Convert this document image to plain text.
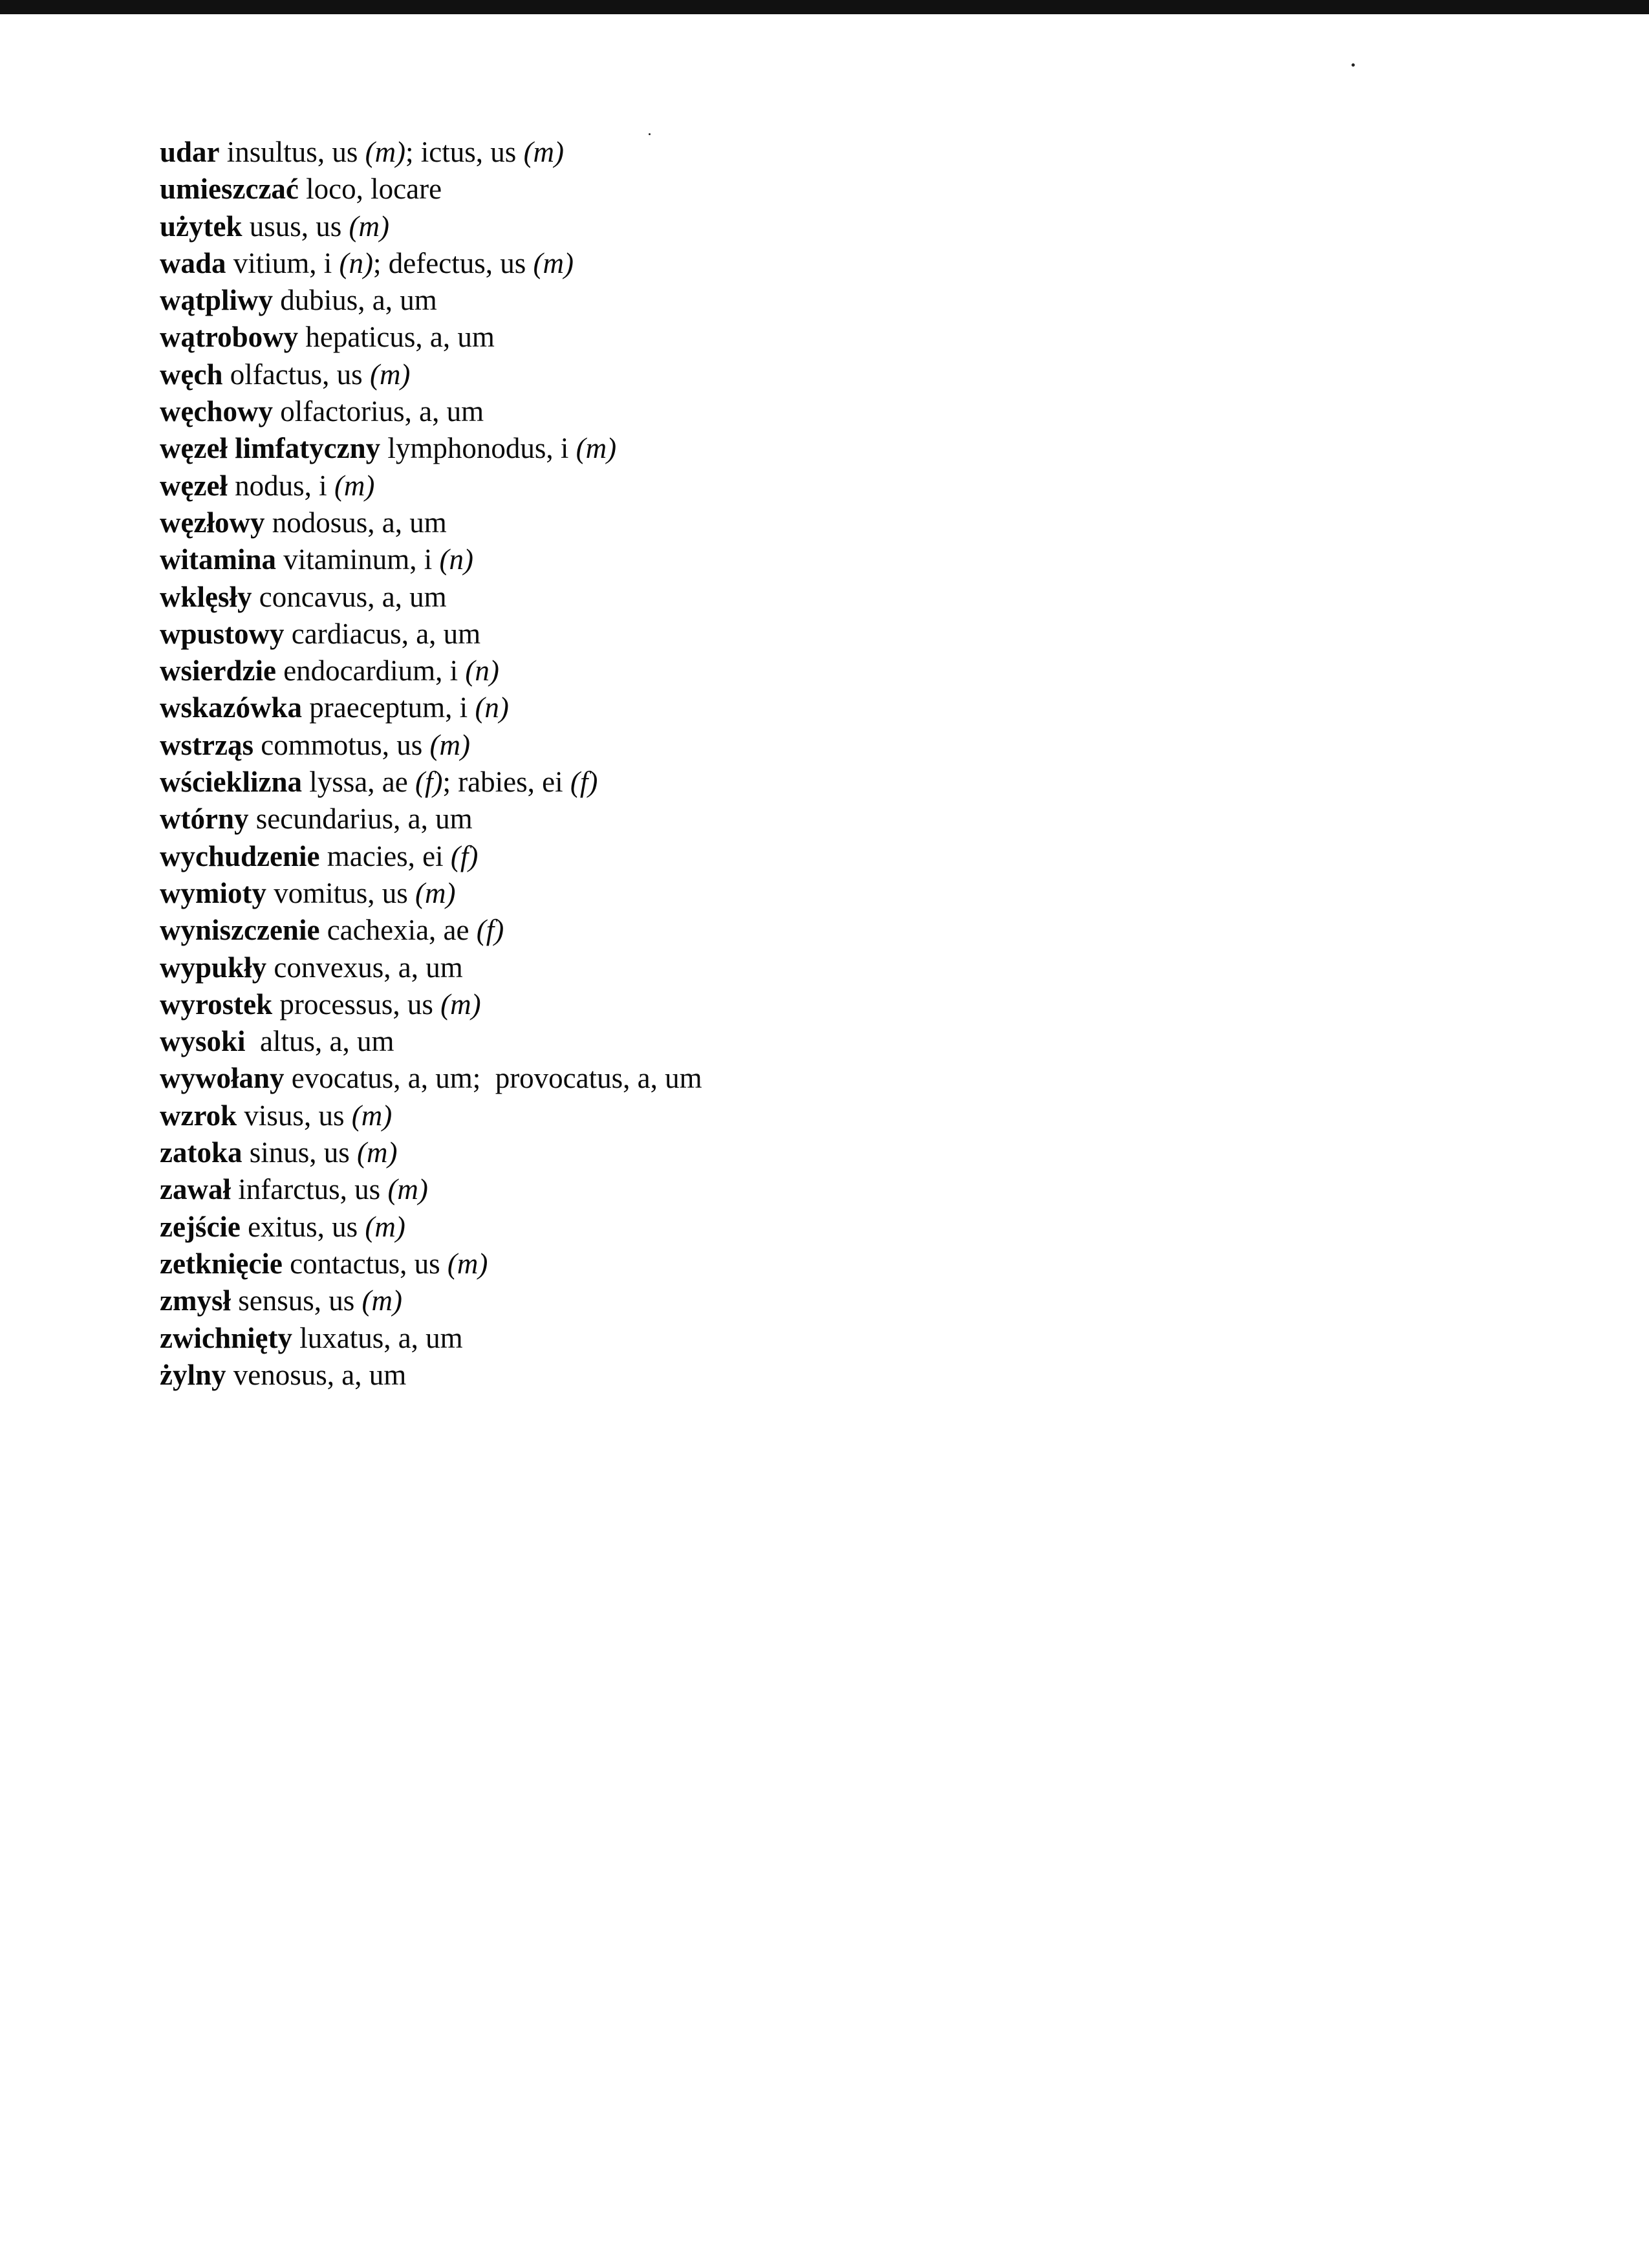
udar insultus, us (m); ictus, us (m)
umieszczać loco, locare
użytek usus, us (m)
wada vitium, i (n); defectus, us (m)
wątpliwy dubius, a, um
wątrobowy hepaticus, a, um
węch olfactus, us (m)
węchowy olfactorius, a, um
węzeł limfatyczny lymphonodus, i (m)
węzeł nodus, i (m)
węzłowy nodosus, a, um
witamina vitaminum, i (n)
wklęsły concavus, a, um
wpustowy cardiacus, a, um
wsierdzie endocardium, i (n)
wskazówka praeceptum, i (n)
wstrząs commotus, us (m)
wścieklizna lyssa, ae (f); rabies, ei (f)
wtórny secundarius, a, um
wychudzenie macies, ei (f)
wymioty vomitus, us (m)
wyniszczenie cachexia, ae (f)
wypukły convexus, a, um
wyrostek processus, us (m)
wysoki  altus, a, um
wywołany evocatus, a, um;  provocatus, a, um
wzrok visus, us (m)
zatoka sinus, us (m)
zawał infarctus, us (m)
zejście exitus, us (m)
zetknięcie contactus, us (m)
zmysł sensus, us (m)
zwichnięty luxatus, a, um
żylny venosus, a, um
